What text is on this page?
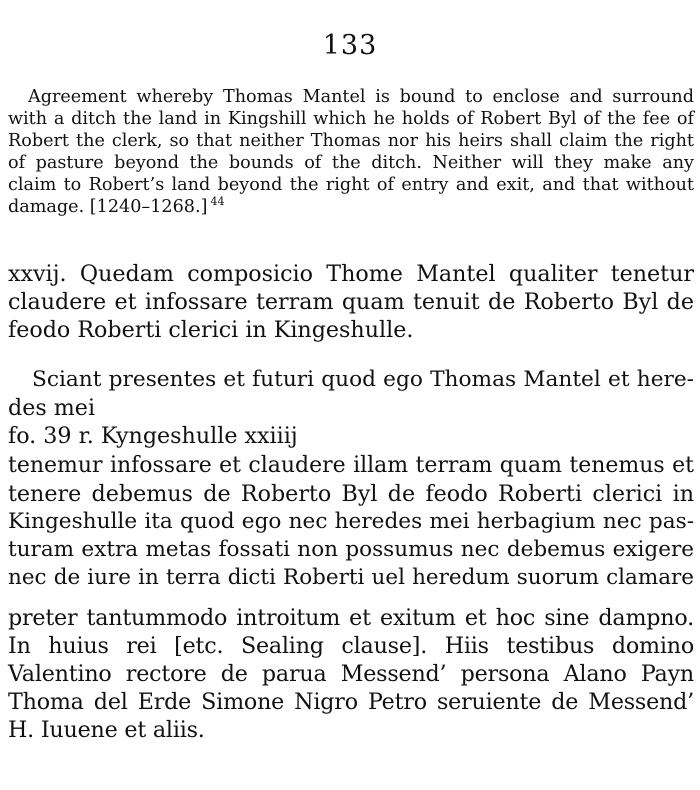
133
Agreement whereby Thomas Mantel is bound to enclose and surround
with a ditch the land in Kingshill which he holds of Robert Byl of the fee of
Robert the clerk, so that neither Thomas nor his heirs shall claim the right
of pasture beyond the bounds of the ditch. Neither will they make any
claim to Robert’s land beyond the right of entry and exit, and that without
damage. [1240–1268.] $^{44}$
xxvij. Quedam composicio Thome Mantel qualiter tenetur
claudere et infossare terram quam tenuit de Roberto Byl de
feodo Roberti clerici in Kingeshulle.
Sciant presentes et futuri quod ego Thomas Mantel et here-
des mei
fo. 39 r. Kyngeshulle xxiiij
tenemur infossare et claudere illam terram quam tenemus et
tenere debemus de Roberto Byl de feodo Roberti clerici in
Kingeshulle ita quod ego nec heredes mei herbagium nec pas-
turam extra metas fossati non possumus nec debemus exigere
nec de iure in terra dicti Roberti uel heredum suorum clamare
preter tantummodo introitum et exitum et hoc sine dampno.
In huius rei [etc. Sealing clause]. Hiis testibus domino
Valentino rectore de parua Messend’ persona Alano Payn
Thoma del Erde Simone Nigro Petro seruiente de Messend’
H. Iuuene et aliis.
